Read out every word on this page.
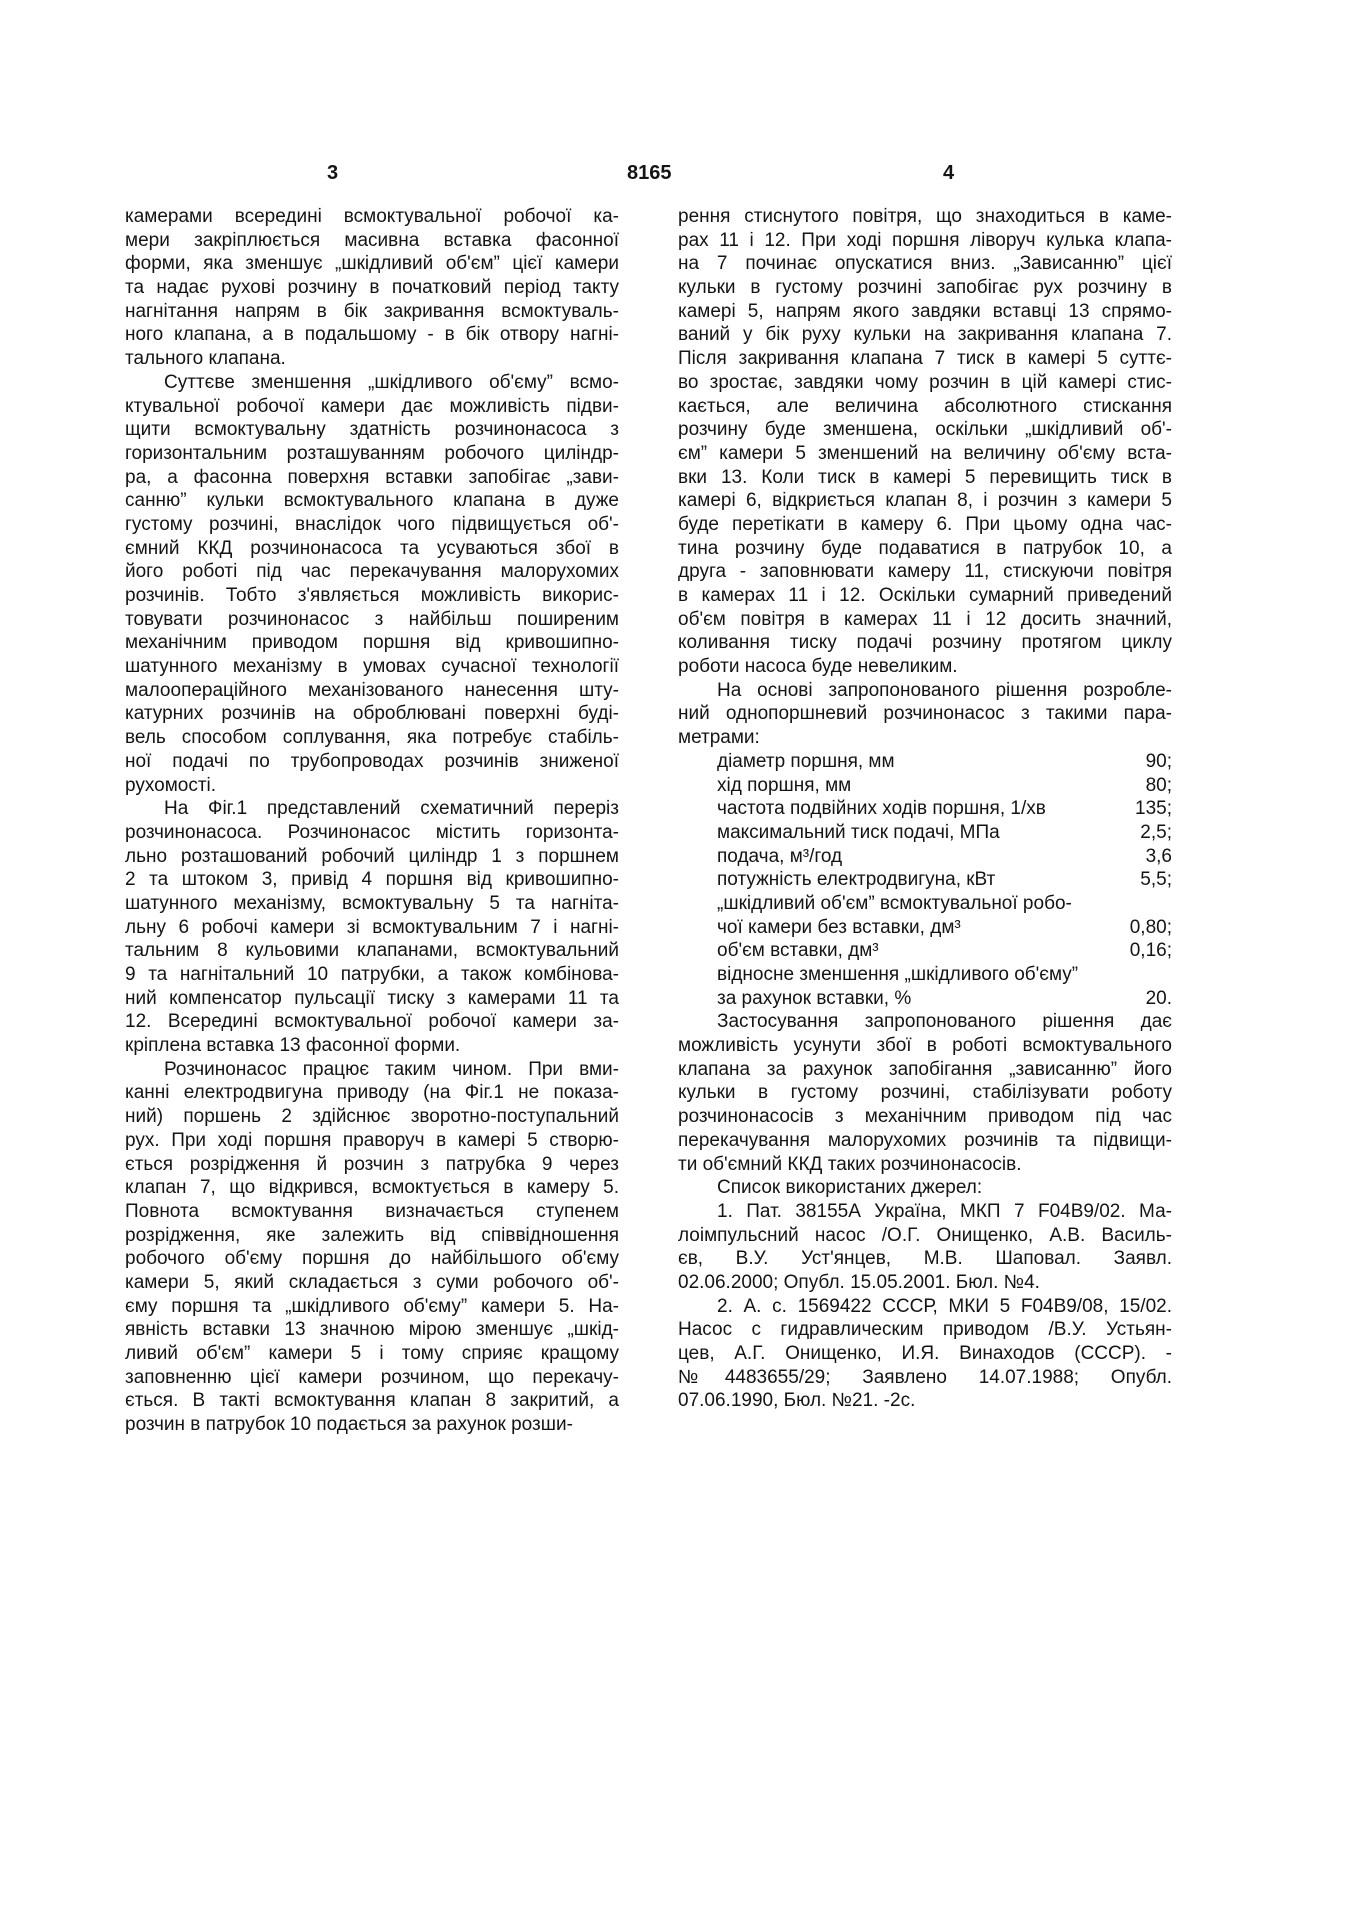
3	8165	4
камерами всередині всмоктувальної робочої ка-
мери закріплюється масивна вставка фасонної
форми, яка зменшує „шкідливий об'єм” цієї камери
та надає рухові розчину в початковий період такту
нагнітання напрям в бік закривання всмоктуваль-
ного клапана, а в подальшому - в бік отвору нагні-
тального клапана.
Суттєве зменшення „шкідливого об'єму” всмо-
ктувальної робочої камери дає можливість підви-
щити всмоктувальну здатність розчинонасоса з
горизонтальним розташуванням робочого циліндр-
ра, а фасонна поверхня вставки запобігає „зави-
санню” кульки всмоктувального клапана в дуже
густому розчині, внаслідок чого підвищується об'-
ємний ККД розчинонасоса та усуваються збої в
його роботі під час перекачування малорухомих
розчинів. Тобто з'являється можливість викорис-
товувати розчинонасос з найбільш поширеним
механічним приводом поршня від кривошипно-
шатунного механізму в умовах сучасної технології
малоопераційного механізованого нанесення шту-
катурних розчинів на оброблювані поверхні буді-
вель способом соплування, яка потребує стабіль-
ної подачі по трубопроводах розчинів зниженої
рухомості.
На Фіг.1 представлений схематичний переріз
розчинонасоса. Розчинонасос містить горизонта-
льно розташований робочий циліндр 1 з поршнем
2 та штоком 3, привід 4 поршня від кривошипно-
шатунного механізму, всмоктувальну 5 та нагніта-
льну 6 робочі камери зі всмоктувальним 7 і нагні-
тальним 8 кульовими клапанами, всмоктувальний
9 та нагнітальний 10 патрубки, а також комбінова-
ний компенсатор пульсації тиску з камерами 11 та
12. Всередині всмоктувальної робочої камери за-
кріплена вставка 13 фасонної форми.
Розчинонасос працює таким чином. При вми-
канні електродвигуна приводу (на Фіг.1 не показа-
ний) поршень 2 здійснює зворотно-поступальний
рух. При ході поршня праворуч в камері 5 створю-
ється розрідження й розчин з патрубка 9 через
клапан 7, що відкрився, всмоктується в камеру 5.
Повнота всмоктування визначається ступенем
розрідження, яке залежить від співвідношення
робочого об'єму поршня до найбільшого об'єму
камери 5, який складається з суми робочого об'-
єму поршня та „шкідливого об'єму” камери 5. На-
явність вставки 13 значною мірою зменшує „шкід-
ливий об'єм” камери 5 і тому сприяє кращому
заповненню цієї камери розчином, що перекачу-
ється. В такті всмоктування клапан 8 закритий, а
розчин в патрубок 10 подається за рахунок розши-
рення стиснутого повітря, що знаходиться в каме-
рах 11 і 12. При ході поршня ліворуч кулька клапа-
на 7 починає опускатися вниз. „Зависанню” цієї
кульки в густому розчині запобігає рух розчину в
камері 5, напрям якого завдяки вставці 13 спрямо-
ваний у бік руху кульки на закривання клапана 7.
Після закривання клапана 7 тиск в камері 5 суттє-
во зростає, завдяки чому розчин в цій камері стис-
кається, але величина абсолютного стискання
розчину буде зменшена, оскільки „шкідливий об'-
єм” камери 5 зменшений на величину об'єму вста-
вки 13. Коли тиск в камері 5 перевищить тиск в
камері 6, відкриється клапан 8, і розчин з камери 5
буде перетікати в камеру 6. При цьому одна час-
тина розчину буде подаватися в патрубок 10, а
друга - заповнювати камеру 11, стискуючи повітря
в камерах 11 і 12. Оскільки сумарний приведений
об'єм повітря в камерах 11 і 12 досить значний,
коливання тиску подачі розчину протягом циклу
роботи насоса буде невеликим.
На основі запропонованого рішення розробле-
ний однопоршневий розчинонасос з такими пара-
метрами:
діаметр поршня, мм	90;
хід поршня, мм	80;
частота подвійних ходів поршня, 1/хв	135;
максимальний тиск подачі, МПа	2,5;
подача, м³/год	3,6
потужність електродвигуна, кВт	5,5;
„шкідливий об'єм” всмоктувальної робо-
чої камери без вставки, дм³	0,80;
об'єм вставки, дм³	0,16;
відносне зменшення „шкідливого об'єму”
за рахунок вставки, %	20.
Застосування запропонованого рішення дає
можливість усунути збої в роботі всмоктувального
клапана за рахунок запобігання „зависанню” його
кульки в густому розчині, стабілізувати роботу
розчинонасосів з механічним приводом під час
перекачування малорухомих розчинів та підвищи-
ти об'ємний ККД таких розчинонасосів.
Список використаних джерел:
1. Пат. 38155А Україна, МКП 7 F04B9/02. Ма-
лоімпульсний насос /О.Г. Онищенко, А.В. Василь-
єв, В.У. Уст'янцев, М.В. Шаповал. Заявл.
02.06.2000; Опубл. 15.05.2001. Бюл. №4.
2. А. с. 1569422 СССР, МКИ 5 F04B9/08, 15/02.
Насос с гидравлическим приводом /В.У. Устьян-
цев, А.Г. Онищенко, И.Я. Винаходов (СССР). -
№4483655/29; Заявлено 14.07.1988; Опубл.
07.06.1990, Бюл. №21. -2с.
